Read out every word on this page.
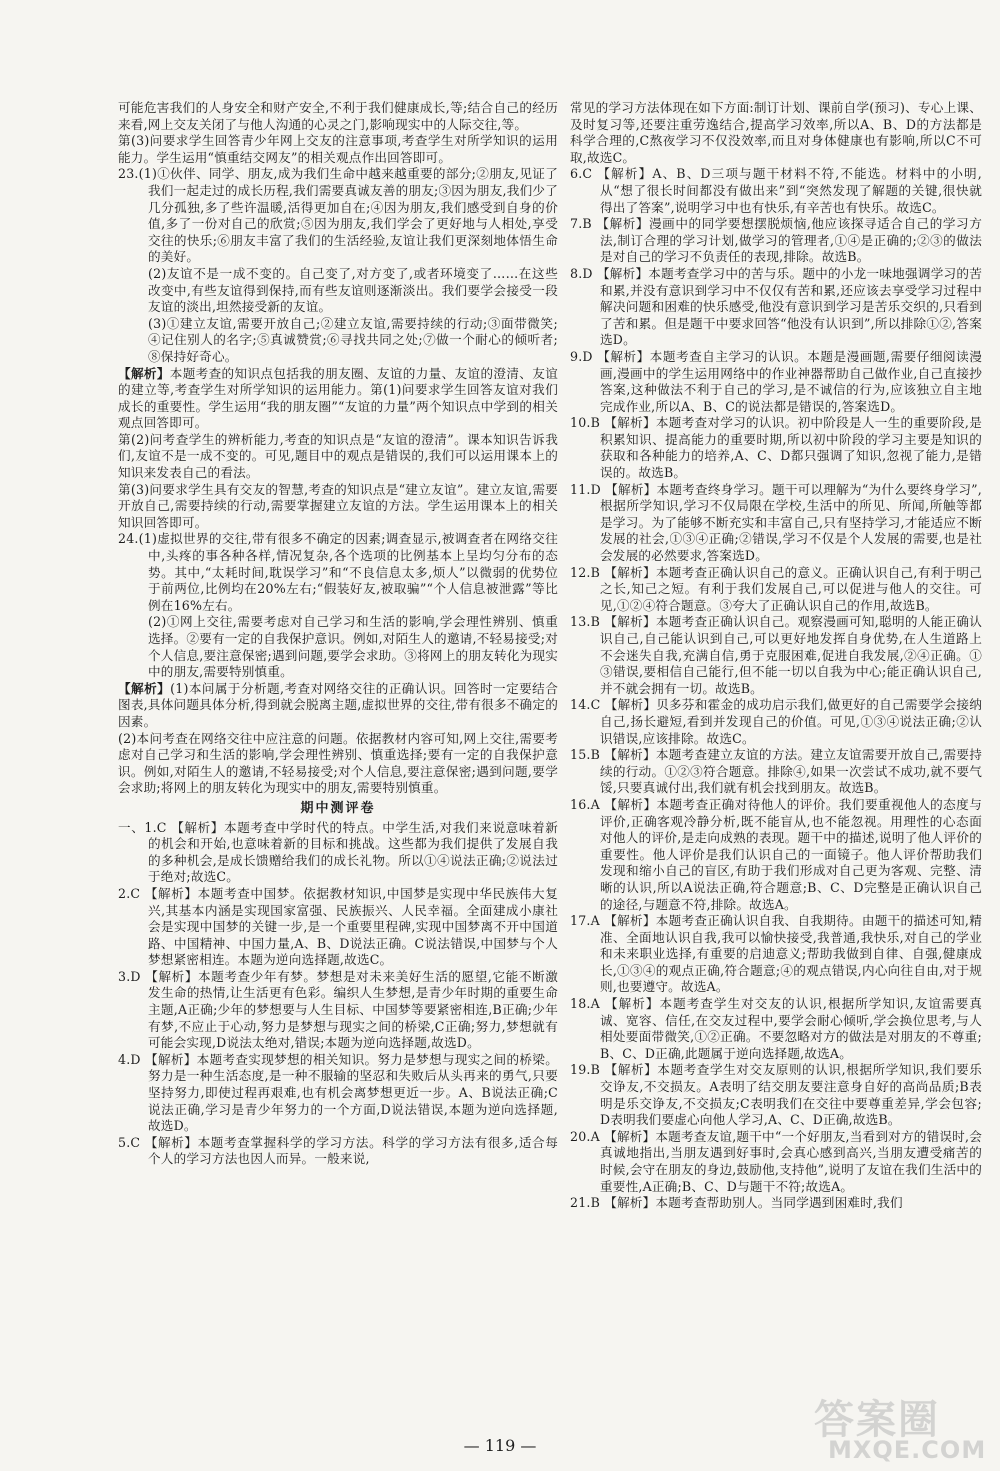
可能危害我们的人身安全和财产安全,不利于我们健康成长,等;结合自己的经历来看,网上交友关闭了与他人沟通的心灵之门,影响现实中的人际交往,等。

第(3)问要求学生回答青少年网上交友的注意事项,考查学生对所学知识的运用能力。学生运用“慎重结交网友”的相关观点作出回答即可。

23.(1)①伙伴、同学、朋友,成为我们生命中越来越重要的部分;②朋友,见证了我们一起走过的成长历程,我们需要真诚友善的朋友;③因为朋友,我们少了几分孤独,多了些许温暖,活得更加自在;④因为朋友,我们感受到自身的价值,多了一份对自己的欣赏;⑤因为朋友,我们学会了更好地与人相处,享受交往的快乐;⑥朋友丰富了我们的生活经验,友谊让我们更深刻地体悟生命的美好。

(2)友谊不是一成不变的。自己变了,对方变了,或者环境变了……在这些改变中,有些友谊得到保持,而有些友谊则逐渐淡出。我们要学会接受一段友谊的淡出,坦然接受新的友谊。

(3)①建立友谊,需要开放自己;②建立友谊,需要持续的行动;③面带微笑;④记住别人的名字;⑤真诚赞赏;⑥寻找共同之处;⑦做一个耐心的倾听者;⑧保持好奇心。

【解析】本题考查的知识点包括我的朋友圈、友谊的力量、友谊的澄清、友谊的建立等,考查学生对所学知识的运用能力。第(1)问要求学生回答友谊对我们成长的重要性。学生运用“我的朋友圈”“友谊的力量”两个知识点中学到的相关观点回答即可。

第(2)问考查学生的辨析能力,考查的知识点是“友谊的澄清”。课本知识告诉我们,友谊不是一成不变的。可见,题目中的观点是错误的,我们可以运用课本上的知识来发表自己的看法。

第(3)问要求学生具有交友的智慧,考查的知识点是“建立友谊”。建立友谊,需要开放自己,需要持续的行动,需要掌握建立友谊的方法。学生运用课本上的相关知识回答即可。

24.(1)虚拟世界的交往,带有很多不确定的因素;调查显示,被调查者在网络交往中,头疼的事各种各样,情况复杂,各个选项的比例基本上呈均匀分布的态势。其中,“太耗时间,耽误学习”和“不良信息太多,烦人”以微弱的优势位于前两位,比例均在20%左右;“假装好友,被取骗”“个人信息被泄露”等比例在16%左右。

(2)①网上交往,需要考虑对自己学习和生活的影响,学会理性辨别、慎重选择。②要有一定的自我保护意识。例如,对陌生人的邀请,不轻易接受;对个人信息,要注意保密;遇到问题,要学会求助。③将网上的朋友转化为现实中的朋友,需要特别慎重。

【解析】(1)本问属于分析题,考查对网络交往的正确认识。回答时一定要结合图表,具体问题具体分析,得到就会脱离主题,虚拟世界的交往,带有很多不确定的因素。

(2)本问考查在网络交往中应注意的问题。依据教材内容可知,网上交往,需要考虑对自己学习和生活的影响,学会理性辨别、慎重选择;要有一定的自我保护意识。例如,对陌生人的邀请,不轻易接受;对个人信息,要注意保密;遇到问题,要学会求助;将网上的朋友转化为现实中的朋友,需要特别慎重。

期中测评卷

一、1.C 【解析】本题考查中学时代的特点。中学生活,对我们来说意味着新的机会和开始,也意味着新的目标和挑战。这些都为我们提供了发展自我的多种机会,是成长馈赠给我们的成长礼物。所以①④说法正确;②说法过于绝对;故选C。

2.C 【解析】本题考查中国梦。依据教材知识,中国梦是实现中华民族伟大复兴,其基本内涵是实现国家富强、民族振兴、人民幸福。全面建成小康社会是实现中国梦的关键一步,是一个重要里程碑,实现中国梦离不开中国道路、中国精神、中国力量,A、B、D说法正确。C说法错误,中国梦与个人梦想紧密相连。本题为逆向选择题,故选C。

3.D 【解析】本题考查少年有梦。梦想是对未来美好生活的愿望,它能不断激发生命的热情,让生活更有色彩。编织人生梦想,是青少年时期的重要生命主题,A正确;少年的梦想要与人生目标、中国梦等要紧密相连,B正确;少年有梦,不应止于心动,努力是梦想与现实之间的桥梁,C正确;努力,梦想就有可能会实现,D说法太绝对,错误;本题为逆向选择题,故选D。

4.D 【解析】本题考查实现梦想的相关知识。努力是梦想与现实之间的桥梁。努力是一种生活态度,是一种不服输的坚忍和失败后从头再来的勇气,只要坚持努力,即使过程再艰难,也有机会离梦想更近一步。A、B说法正确;C说法正确,学习是青少年努力的一个方面,D说法错误,本题为逆向选择题,故选D。

5.C 【解析】本题考查掌握科学的学习方法。科学的学习方法有很多,适合每个人的学习方法也因人而异。一般来说,

常见的学习方法体现在如下方面:制订计划、课前自学(预习)、专心上课、及时复习等,还要注重劳逸结合,提高学习效率,所以A、B、D的方法都是科学合理的,C熬夜学习不仅没效率,而且对身体健康也有影响,所以C不可取,故选C。

6.C 【解析】A、B、D三项与题干材料不符,不能选。材料中的小明,从“想了很长时间都没有做出来”到“突然发现了解题的关键,很快就得出了答案”,说明学习中也有快乐,有辛苦也有快乐。故选C。

7.B 【解析】漫画中的同学要想摆脱烦恼,他应该探寻适合自己的学习方法,制订合理的学习计划,做学习的管理者,①④是正确的;②③的做法是对自己的学习不负责任的表现,排除。故选B。

8.D 【解析】本题考查学习中的苦与乐。题中的小龙一味地强调学习的苦和累,并没有意识到学习中不仅仅有苦和累,还应该去享受学习过程中解决问题和困难的快乐感受,他没有意识到学习是苦乐交织的,只看到了苦和累。但是题干中要求回答“他没有认识到”,所以排除①②,答案选D。

9.D 【解析】本题考查自主学习的认识。本题是漫画题,需要仔细阅读漫画,漫画中的学生运用网络中的作业神器帮助自己做作业,自己直接抄答案,这种做法不利于自己的学习,是不诚信的行为,应该独立自主地完成作业,所以A、B、C的说法都是错误的,答案选D。

10.B 【解析】本题考查对学习的认识。初中阶段是人一生的重要阶段,是积累知识、提高能力的重要时期,所以初中阶段的学习主要是知识的获取和各种能力的培养,A、C、D都只强调了知识,忽视了能力,是错误的。故选B。

11.D 【解析】本题考查终身学习。题干可以理解为“为什么要终身学习”,根据所学知识,学习不仅局限在学校,生活中的所见、所闻,所触等都是学习。为了能够不断充实和丰富自己,只有坚持学习,才能适应不断发展的社会,①③④正确;②错误,学习不仅是个人发展的需要,也是社会发展的必然要求,答案选D。

12.B 【解析】本题考查正确认识自己的意义。正确认识自己,有利于明己之长,知己之短。有利于我们发展自己,可以促进与他人的交往。可见,①②④符合题意。③夸大了正确认识自己的作用,故选B。

13.B 【解析】本题考查正确认识自己。观察漫画可知,聪明的人能正确认识自己,自己能认识到自己,可以更好地发挥自身优势,在人生道路上不会迷失自我,充满自信,勇于克服困难,促进自我发展,②④正确。①③错误,要相信自己能行,但不能一切以自我为中心;能正确认识自己,并不就会拥有一切。故选B。

14.C 【解析】贝多芬和霍金的成功启示我们,做更好的自己需要学会接纳自己,扬长避短,看到并发现自己的价值。可见,①③④说法正确;②认识错误,应该排除。故选C。

15.B 【解析】本题考查建立友谊的方法。建立友谊需要开放自己,需要持续的行动。①②③符合题意。排除④,如果一次尝试不成功,就不要气馁,只要真诚付出,我们就有机会找到朋友。故选B。

16.A 【解析】本题考查正确对待他人的评价。我们要重视他人的态度与评价,正确客观冷静分析,既不能盲从,也不能忽视。用理性的心态面对他人的评价,是走向成熟的表现。题干中的描述,说明了他人评价的重要性。他人评价是我们认识自己的一面镜子。他人评价帮助我们发现和缩小自己的盲区,有助于我们形成对自己更为客观、完整、清晰的认识,所以A说法正确,符合题意;B、C、D完整是正确认识自己的途径,与题意不符,排除。故选A。

17.A 【解析】本题考查正确认识自我、自我期待。由题干的描述可知,精准、全面地认识自我,我可以愉快接受,我普通,我快乐,对自己的学业和未来职业选择,有重要的启迪意义;帮助我做到自律、自强,健康成长,①③④的观点正确,符合题意;④的观点错误,内心向往自由,对于规则,也要遵守。故选A。

18.A 【解析】本题考查学生对交友的认识,根据所学知识,友谊需要真诚、宽容、信任,在交友过程中,要学会耐心倾听,学会换位思考,与人相处要面带微笑,①②正确。不要忽略对方的做法是对朋友的不尊重;B、C、D正确,此题属于逆向选择题,故选A。

19.B 【解析】本题考查学生对交友原则的认识,根据所学知识,我们要乐交诤友,不交损友。A表明了结交朋友要注意身自好的高尚品质;B表明是乐交诤友,不交损友;C表明我们在交往中要尊重差异,学会包容;D表明我们要虚心向他人学习,A、C、D正确,故选B。

20.A 【解析】本题考查友谊,题干中“一个好朋友,当看到对方的错误时,会真诚地指出,当朋友遇到好事时,会真心感到高兴,当朋友遭受痛苦的时候,会守在朋友的身边,鼓励他,支持他”,说明了友谊在我们生活中的重要性,A正确;B、C、D与题干不符;故选A。

21.B 【解析】本题考查帮助别人。当同学遇到困难时,我们

— 119 —
答案圈
MXQE.COM
